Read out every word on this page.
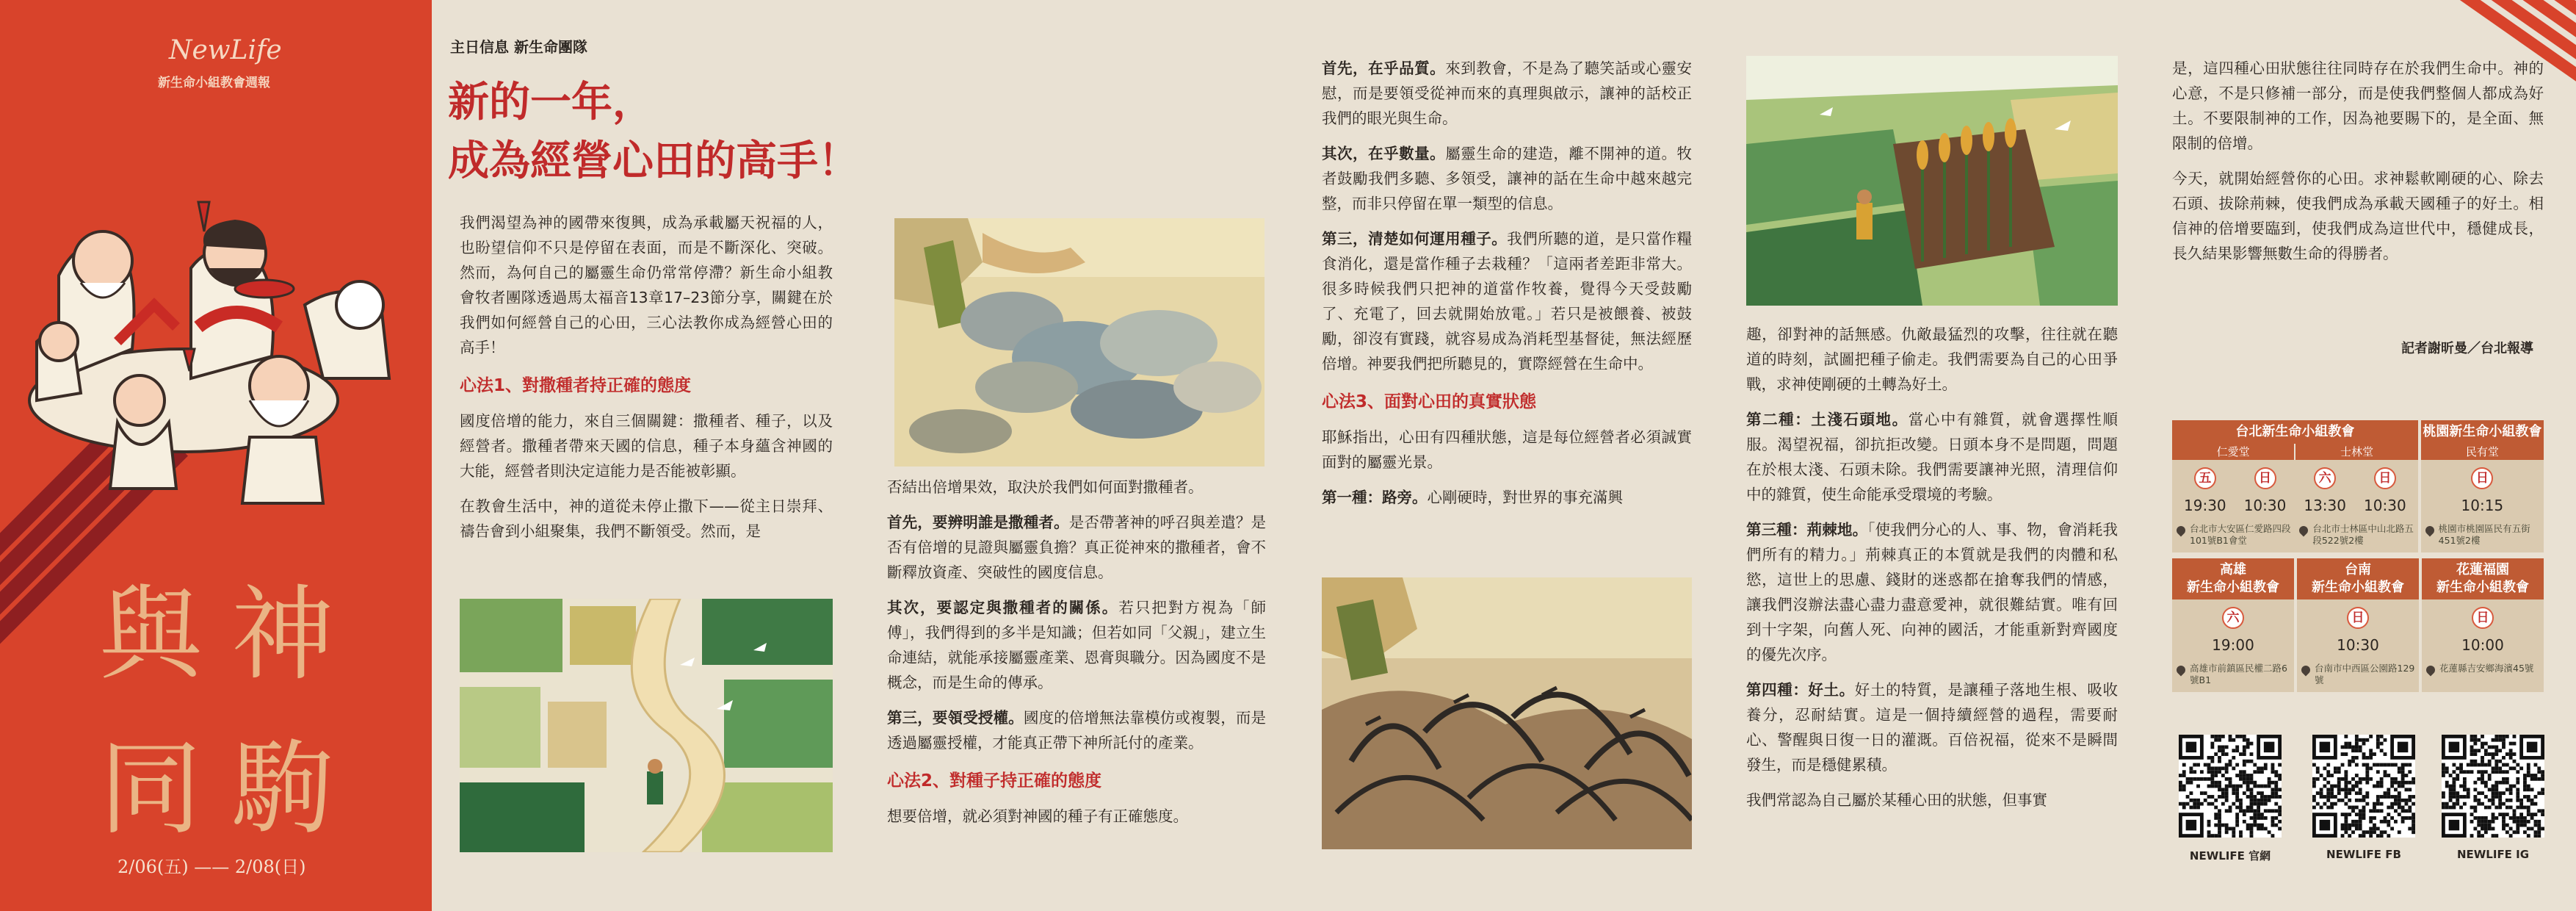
NewLife
新生命小組教會週報
與神同駒
2/06(五) —— 2/08(日)
主日信息 新生命團隊
新的一年，
成為經營心田的高手！

我們渴望為神的國帶來復興，成為承載屬天祝福的人，也盼望信仰不只是停留在表面，而是不斷深化、突破。然而，為何自己的屬靈生命仍常常停滯？新生命小組教會牧者團隊透過馬太福音13章17–23節分享，關鍵在於我們如何經營自己的心田，三心法教你成為經營心田的高手！

心法1、對撒種者持正確的態度

國度倍增的能力，來自三個關鍵：撒種者、種子，以及經營者。撒種者帶來天國的信息，種子本身蘊含神國的大能，經營者則決定這能力是否能被彰顯。

在教會生活中，神的道從未停止撒下——從主日崇拜、禱告會到小組聚集，我們不斷領受。然而，是

否結出倍增果效，取決於我們如何面對撒種者。

首先，要辨明誰是撒種者。是否帶著神的呼召與差遣？是否有倍增的見證與屬靈負擔？真正從神來的撒種者，會不斷釋放資產、突破性的國度信息。

其次，要認定與撒種者的關係。若只把對方視為「師傅」，我們得到的多半是知識；但若如同「父親」，建立生命連結，就能承接屬靈產業、恩膏與職分。因為國度不是概念，而是生命的傳承。

第三，要領受授權。國度的倍增無法靠模仿或複製，而是透過屬靈授權，才能真正帶下神所託付的產業。

心法2、對種子持正確的態度

想要倍增，就必須對神國的種子有正確態度。

首先，在乎品質。來到教會，不是為了聽笑話或心靈安慰，而是要領受從神而來的真理與啟示，讓神的話校正我們的眼光與生命。

其次，在乎數量。屬靈生命的建造，離不開神的道。牧者鼓勵我們多聽、多領受，讓神的話在生命中越來越完整，而非只停留在單一類型的信息。

第三，清楚如何運用種子。我們所聽的道，是只當作糧食消化，還是當作種子去栽種？「這兩者差距非常大。很多時候我們只把神的道當作牧養，覺得今天受鼓勵了、充電了，回去就開始放電。」若只是被餵養、被鼓勵，卻沒有實踐，就容易成為消耗型基督徒，無法經歷倍增。神要我們把所聽見的，實際經營在生命中。

心法3、面對心田的真實狀態

耶穌指出，心田有四種狀態，這是每位經營者必須誠實面對的屬靈光景。

第一種：路旁。心剛硬時，對世界的事充滿興

趣，卻對神的話無感。仇敵最猛烈的攻擊，往往就在聽道的時刻，試圖把種子偷走。我們需要為自己的心田爭戰，求神使剛硬的土轉為好土。

第二種：土淺石頭地。當心中有雜質，就會選擇性順服。渴望祝福，卻抗拒改變。日頭本身不是問題，問題在於根太淺、石頭未除。我們需要讓神光照，清理信仰中的雜質，使生命能承受環境的考驗。

第三種：荊棘地。「使我們分心的人、事、物，會消耗我們所有的精力。」荊棘真正的本質就是我們的肉體和私慾，這世上的思慮、錢財的迷惑都在搶奪我們的情感，讓我們沒辦法盡心盡力盡意愛神，就很難結實。唯有回到十字架，向舊人死、向神的國活，才能重新對齊國度的優先次序。

第四種：好土。好土的特質，是讓種子落地生根、吸收養分，忍耐結實。這是一個持續經營的過程，需要耐心、警醒與日復一日的灌溉。百倍祝福，從來不是瞬間發生，而是穩健累積。

我們常認為自己屬於某種心田的狀態，但事實

是，這四種心田狀態往往同時存在於我們生命中。神的心意，不是只修補一部分，而是使我們整個人都成為好土。不要限制神的工作，因為祂要賜下的，是全面、無限制的倍增。

今天，就開始經營你的心田。求神鬆軟剛硬的心、除去石頭、拔除荊棘，使我們成為承載天國種子的好土。相信神的倍增要臨到，使我們成為這世代中，穩健成長，長久結果影響無數生命的得勝者。

記者謝昕曼／台北報導
台北新生命小組教會
仁愛堂	士林堂
五
19:30
日
10:30
六
13:30
日
10:30
台北市大安區仁愛路四段101號B1會堂
台北市士林區中山北路五段522號2樓
桃園新生命小組教會
民有堂
日
10:15
桃園市桃園區民有五街451號2樓
高雄
新生命小組教會
六
19:00
高雄市前鎮區民權二路6號B1
台南
新生命小組教會
日
10:30
台南市中西區公園路129號
花蓮福園
新生命小組教會
日
10:00
花蓮縣吉安鄉海濱45號
NEWLIFE 官網	NEWLIFE FB	NEWLIFE IG
